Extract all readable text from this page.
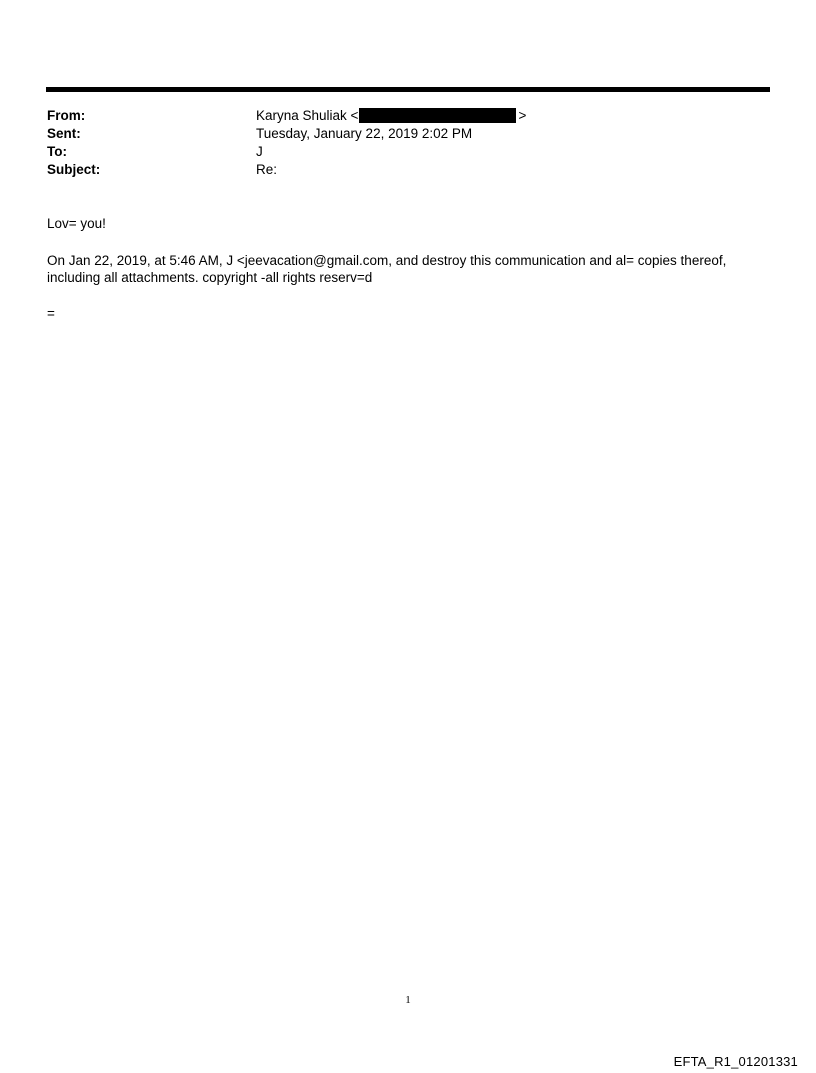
From:	Karyna Shuliak <	>
Sent:	Tuesday, January 22, 2019 2:02 PM
To:	J
Subject:	Re:
Lov= you!
On Jan 22, 2019, at 5:46 AM, J <jeevacation@gmail.com, and destroy this communication and al= copies thereof,
including all attachments. copyright -all rights reserv=d
=
1
EFTA_R1_01201331
